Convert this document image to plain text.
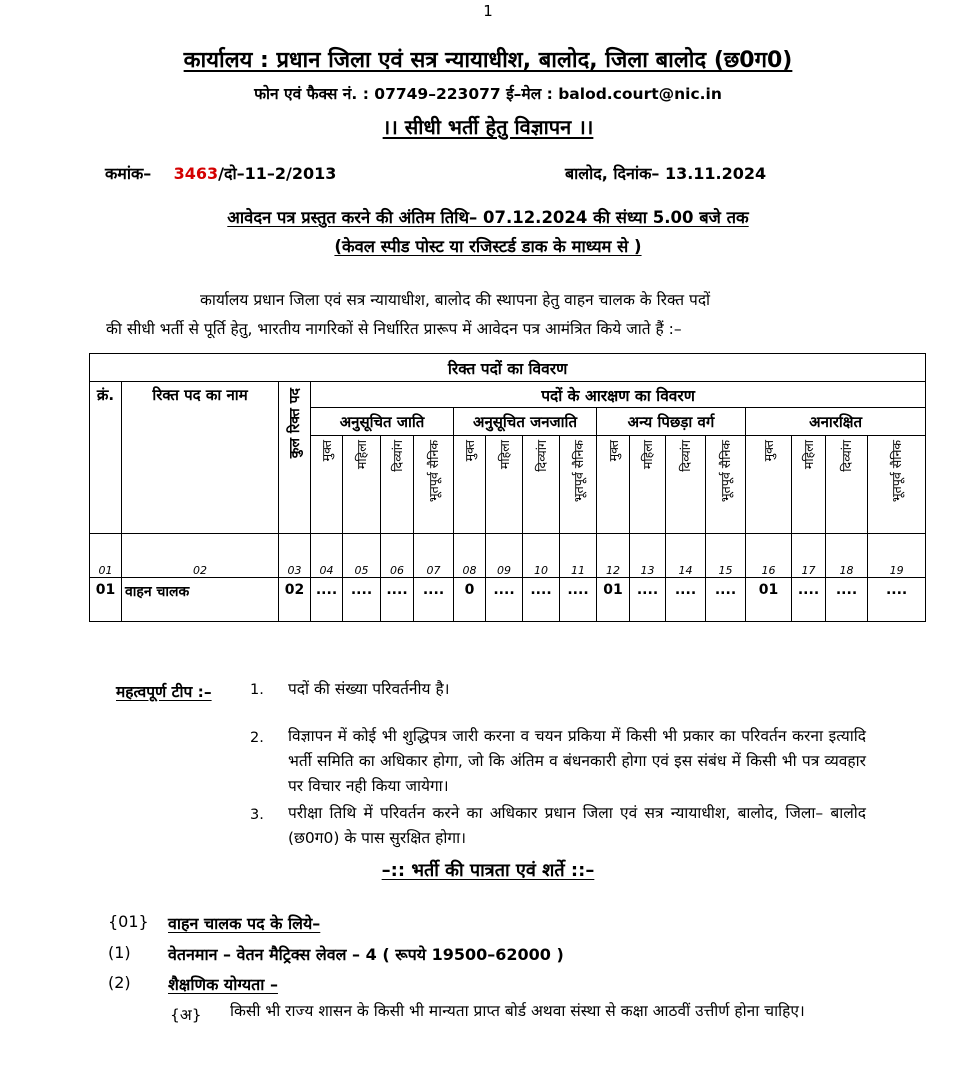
1
कार्यालय : प्रधान जिला एवं सत्र न्यायाधीश, बालोद, जिला बालोद (छ0ग0)
फोन एवं फैक्स नं. : 07749–223077 ई–मेल : balod.court@nic.in
।। सीधी भर्ती हेतु विज्ञापन ।।
कमांक– 3463/दो–11–2/2013	बालोद, दिनांक– 13.11.2024
आवेदन पत्र प्रस्तुत करने की अंतिम तिथि– 07.12.2024 की संध्या 5.00 बजे तक
(केवल स्पीड पोस्ट या रजिस्टर्ड डाक के माध्यम से )
कार्यालय प्रधान जिला एवं सत्र न्यायाधीश, बालोद की स्थापना हेतु वाहन चालक के रिक्त पदों
की सीधी भर्ती से पूर्ति हेतु, भारतीय नागरिकों से निर्धारित प्रारूप में आवेदन पत्र आमंत्रित किये जाते हैं :–
रिक्त पदों का विवरण																		
क्रं.	रिक्त पद का नाम	कुल रिक्त पद	पदों के आरक्षण का विवरण															
			अनुसूचित जाति				अनुसूचित जनजाति				अन्य पिछड़ा वर्ग				अनारक्षित			
			मुक्त	महिला	दिव्यांग	भूतपूर्व सैनिक	मुक्त	महिला	दिव्यांग	भूतपूर्व सैनिक	मुक्त	महिला	दिव्यांग	भूतपूर्व सैनिक	मुक्त	महिला	दिव्यांग	भूतपूर्व सैनिक
01	02	03	04	05	06	07	08	09	10	11	12	13	14	15	16	17	18	19
01	वाहन चालक	02	....	....	....	....	0	....	....	....	01	....	....	....	01	....	....	....
महत्वपूर्ण टीप :–	1. पदों की संख्या परिवर्तनीय है।
2. विज्ञापन में कोई भी शुद्धिपत्र जारी करना व चयन प्रकिया में किसी भी प्रकार का परिवर्तन करना इत्यादि भर्ती समिति का अधिकार होगा, जो कि अंतिम व बंधनकारी होगा एवं इस संबंध में किसी भी पत्र व्यवहार पर विचार नही किया जायेगा।
3. परीक्षा तिथि में परिवर्तन करने का अधिकार प्रधान जिला एवं सत्र न्यायाधीश, बालोद, जिला– बालोद (छ0ग0) के पास सुरक्षित होगा।
–:: भर्ती की पात्रता एवं शर्ते ::–
{01} वाहन चालक पद के लिये–
(1) वेतनमान – वेतन मैट्रिक्स लेवल – 4 ( रूपये 19500–62000 )
(2) शैक्षणिक योग्यता –
{अ} किसी भी राज्य शासन के किसी भी मान्यता प्राप्त बोर्ड अथवा संस्था से कक्षा आठवीं उत्तीर्ण होना चाहिए।
